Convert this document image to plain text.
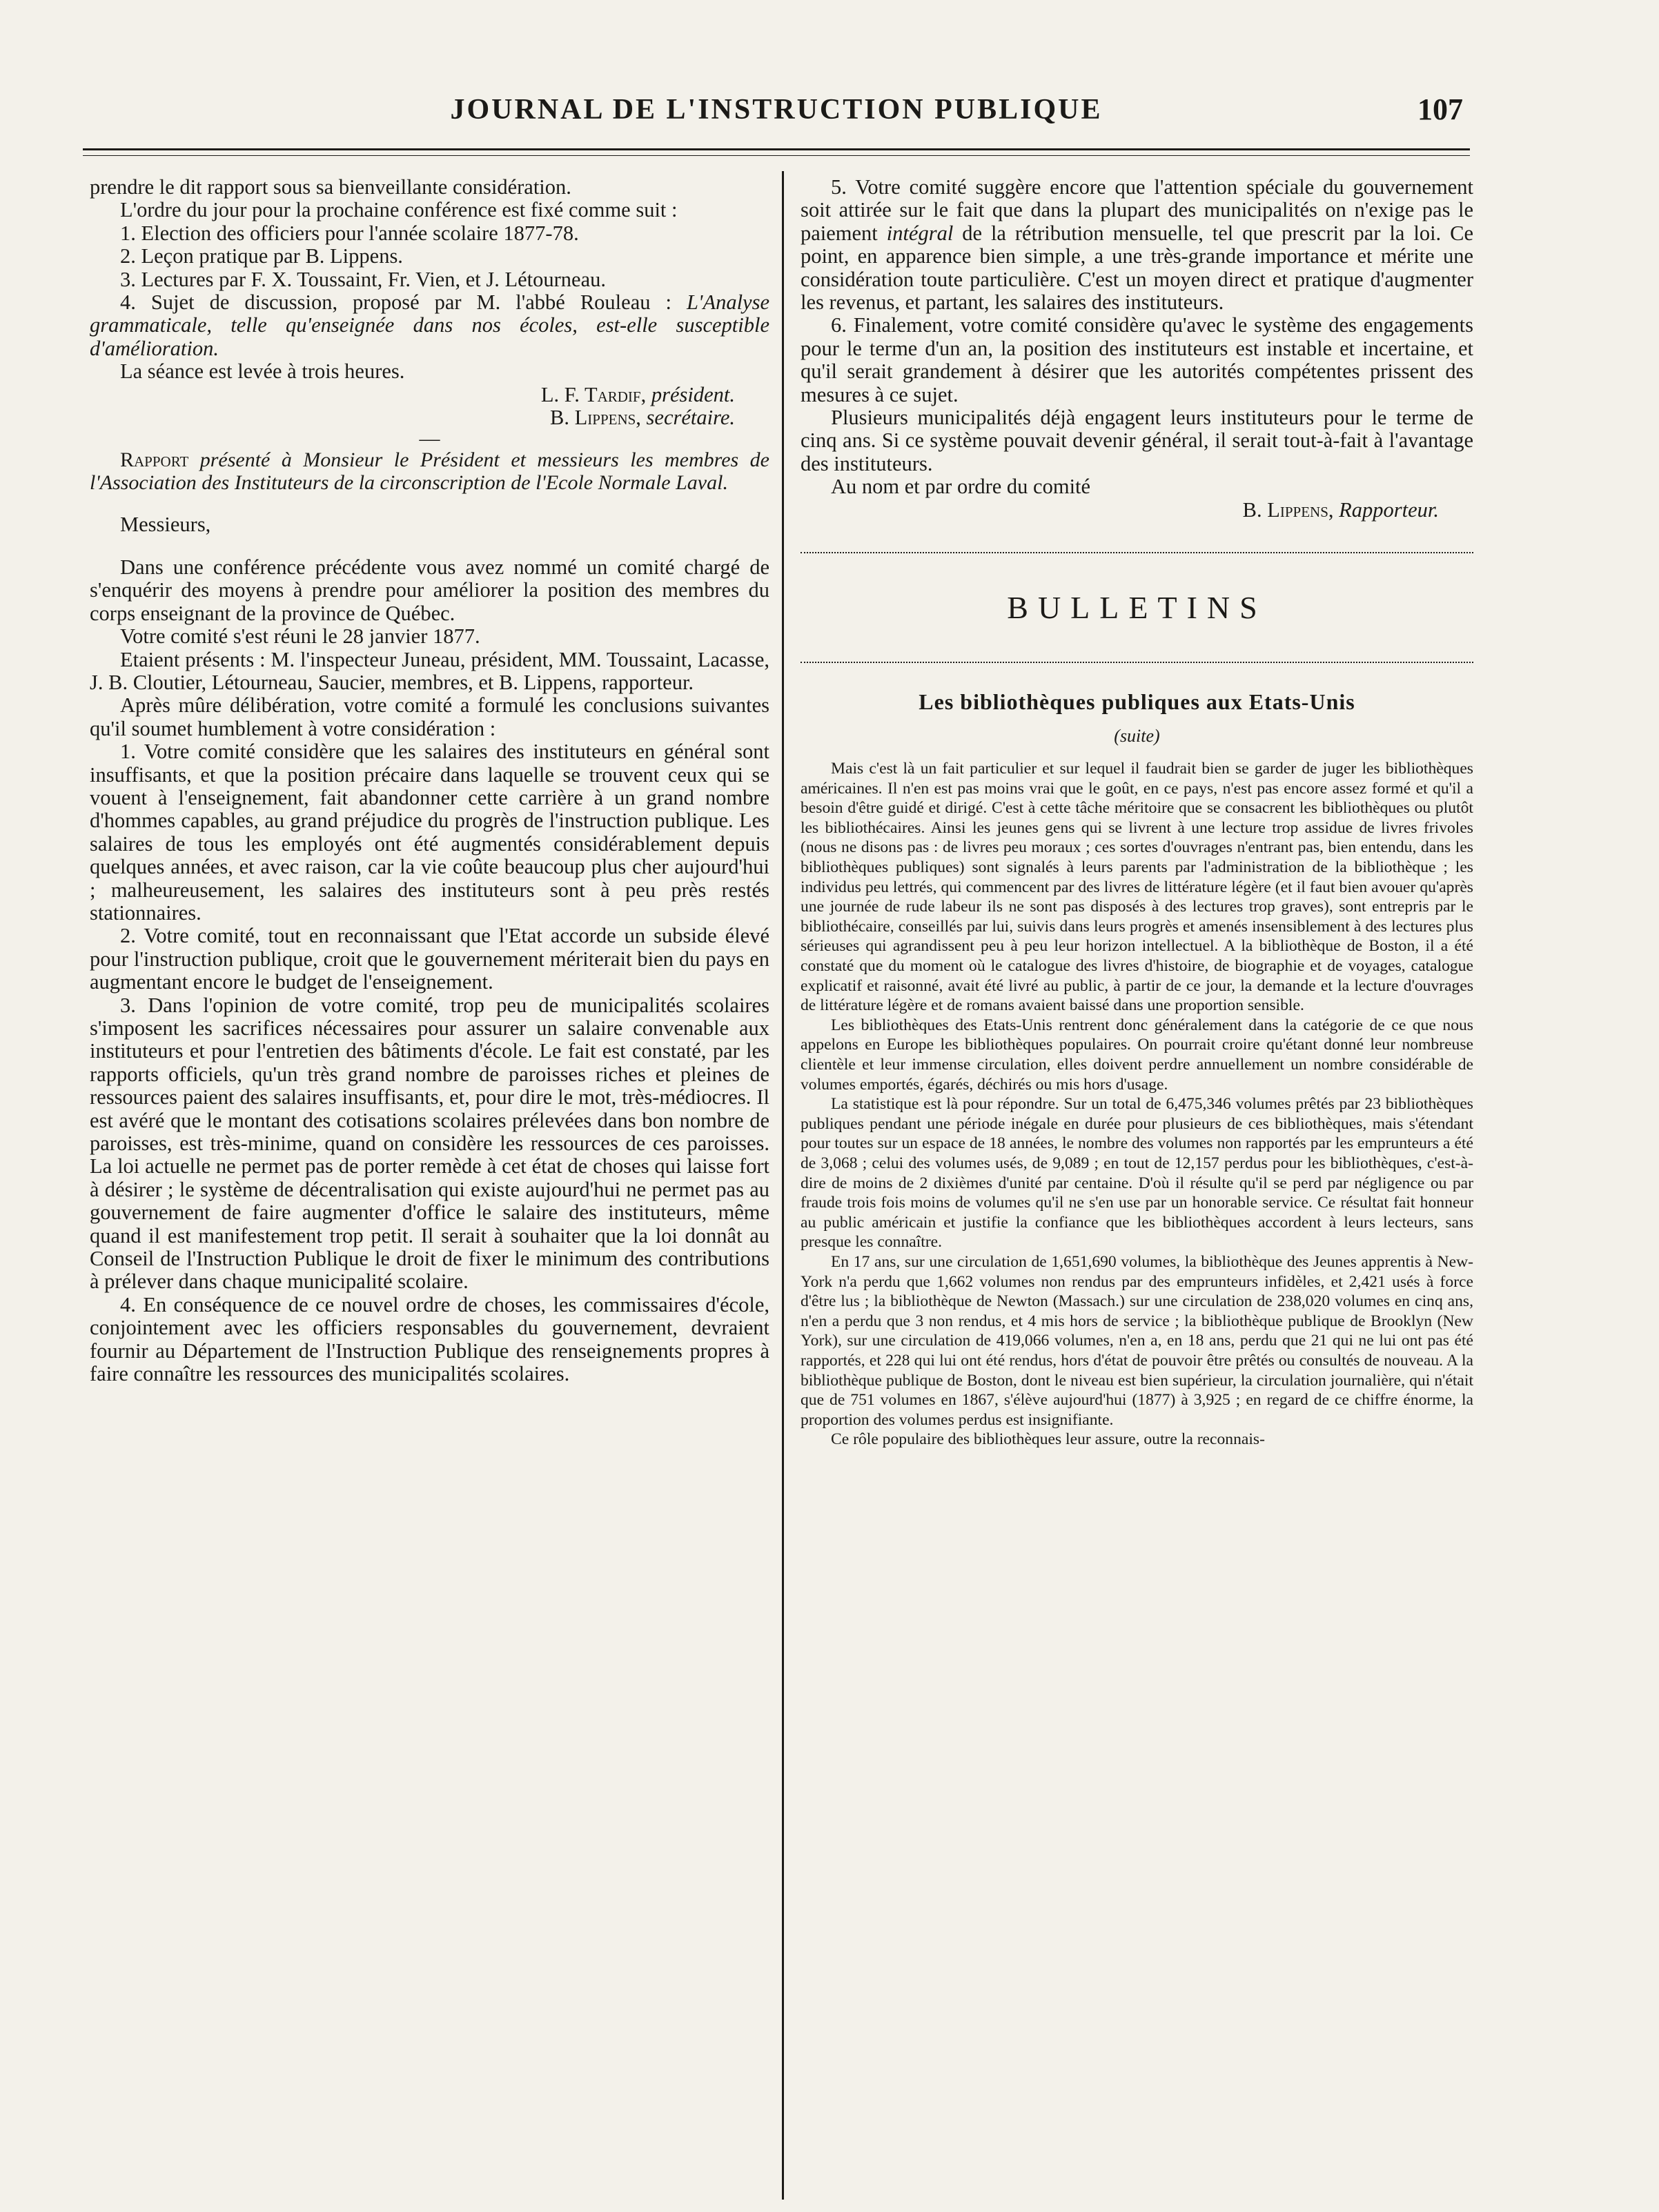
JOURNAL DE L'INSTRUCTION PUBLIQUE	107

prendre le dit rapport sous sa bienveillante considération.

L'ordre du jour pour la prochaine conférence est fixé comme suit :

1. Election des officiers pour l'année scolaire 1877-78.

2. Leçon pratique par B. Lippens.

3. Lectures par F. X. Toussaint, Fr. Vien, et J. Létourneau.

4. Sujet de discussion, proposé par M. l'abbé Rouleau : L'Analyse grammaticale, telle qu'enseignée dans nos écoles, est-elle susceptible d'amélioration.

La séance est levée à trois heures.

L. F. Tardif, président.

B. Lippens, secrétaire.

—

Rapport présenté à Monsieur le Président et messieurs les membres de l'Association des Instituteurs de la circonscription de l'Ecole Normale Laval.

Messieurs,

Dans une conférence précédente vous avez nommé un comité chargé de s'enquérir des moyens à prendre pour améliorer la position des membres du corps enseignant de la province de Québec.

Votre comité s'est réuni le 28 janvier 1877.

Etaient présents : M. l'inspecteur Juneau, président, MM. Toussaint, Lacasse, J. B. Cloutier, Létourneau, Saucier, membres, et B. Lippens, rapporteur.

Après mûre délibération, votre comité a formulé les conclusions suivantes qu'il soumet humblement à votre considération :

1. Votre comité considère que les salaires des instituteurs en général sont insuffisants, et que la position précaire dans laquelle se trouvent ceux qui se vouent à l'enseignement, fait abandonner cette carrière à un grand nombre d'hommes capables, au grand préjudice du progrès de l'instruction publique. Les salaires de tous les employés ont été augmentés considérablement depuis quelques années, et avec raison, car la vie coûte beaucoup plus cher aujourd'hui ; malheureusement, les salaires des instituteurs sont à peu près restés stationnaires.

2. Votre comité, tout en reconnaissant que l'Etat accorde un subside élevé pour l'instruction publique, croit que le gouvernement mériterait bien du pays en augmentant encore le budget de l'enseignement.

3. Dans l'opinion de votre comité, trop peu de municipalités scolaires s'imposent les sacrifices nécessaires pour assurer un salaire convenable aux instituteurs et pour l'entretien des bâtiments d'école. Le fait est constaté, par les rapports officiels, qu'un très grand nombre de paroisses riches et pleines de ressources paient des salaires insuffisants, et, pour dire le mot, très-médiocres. Il est avéré que le montant des cotisations scolaires prélevées dans bon nombre de paroisses, est très-minime, quand on considère les ressources de ces paroisses. La loi actuelle ne permet pas de porter remède à cet état de choses qui laisse fort à désirer ; le système de décentralisation qui existe aujourd'hui ne permet pas au gouvernement de faire augmenter d'office le salaire des instituteurs, même quand il est manifestement trop petit. Il serait à souhaiter que la loi donnât au Conseil de l'Instruction Publique le droit de fixer le minimum des contributions à prélever dans chaque municipalité scolaire.

4. En conséquence de ce nouvel ordre de choses, les commissaires d'école, conjointement avec les officiers responsables du gouvernement, devraient fournir au Département de l'Instruction Publique des renseignements propres à faire connaître les ressources des municipalités scolaires.

5. Votre comité suggère encore que l'attention spéciale du gouvernement soit attirée sur le fait que dans la plupart des municipalités on n'exige pas le paiement intégral de la rétribution mensuelle, tel que prescrit par la loi. Ce point, en apparence bien simple, a une très-grande importance et mérite une considération toute particulière. C'est un moyen direct et pratique d'augmenter les revenus, et partant, les salaires des instituteurs.

6. Finalement, votre comité considère qu'avec le système des engagements pour le terme d'un an, la position des instituteurs est instable et incertaine, et qu'il serait grandement à désirer que les autorités compétentes prissent des mesures à ce sujet.

Plusieurs municipalités déjà engagent leurs instituteurs pour le terme de cinq ans. Si ce système pouvait devenir général, il serait tout-à-fait à l'avantage des instituteurs.

Au nom et par ordre du comité

B. Lippens, Rapporteur.

BULLETINS
Les bibliothèques publiques aux Etats-Unis
(suite)

Mais c'est là un fait particulier et sur lequel il faudrait bien se garder de juger les bibliothèques américaines. Il n'en est pas moins vrai que le goût, en ce pays, n'est pas encore assez formé et qu'il a besoin d'être guidé et dirigé. C'est à cette tâche méritoire que se consacrent les bibliothèques ou plutôt les bibliothécaires. Ainsi les jeunes gens qui se livrent à une lecture trop assidue de livres frivoles (nous ne disons pas : de livres peu moraux ; ces sortes d'ouvrages n'entrant pas, bien entendu, dans les bibliothèques publiques) sont signalés à leurs parents par l'administration de la bibliothèque ; les individus peu lettrés, qui commencent par des livres de littérature légère (et il faut bien avouer qu'après une journée de rude labeur ils ne sont pas disposés à des lectures trop graves), sont entrepris par le bibliothécaire, conseillés par lui, suivis dans leurs progrès et amenés insensiblement à des lectures plus sérieuses qui agrandissent peu à peu leur horizon intellectuel. A la bibliothèque de Boston, il a été constaté que du moment où le catalogue des livres d'histoire, de biographie et de voyages, catalogue explicatif et raisonné, avait été livré au public, à partir de ce jour, la demande et la lecture d'ouvrages de littérature légère et de romans avaient baissé dans une proportion sensible.

Les bibliothèques des Etats-Unis rentrent donc généralement dans la catégorie de ce que nous appelons en Europe les bibliothèques populaires. On pourrait croire qu'étant donné leur nombreuse clientèle et leur immense circulation, elles doivent perdre annuellement un nombre considérable de volumes emportés, égarés, déchirés ou mis hors d'usage.

La statistique est là pour répondre. Sur un total de 6,475,346 volumes prêtés par 23 bibliothèques publiques pendant une période inégale en durée pour plusieurs de ces bibliothèques, mais s'étendant pour toutes sur un espace de 18 années, le nombre des volumes non rapportés par les emprunteurs a été de 3,068 ; celui des volumes usés, de 9,089 ; en tout de 12,157 perdus pour les bibliothèques, c'est-à-dire de moins de 2 dixièmes d'unité par centaine. D'où il résulte qu'il se perd par négligence ou par fraude trois fois moins de volumes qu'il ne s'en use par un honorable service. Ce résultat fait honneur au public américain et justifie la confiance que les bibliothèques accordent à leurs lecteurs, sans presque les connaître.

En 17 ans, sur une circulation de 1,651,690 volumes, la bibliothèque des Jeunes apprentis à New-York n'a perdu que 1,662 volumes non rendus par des emprunteurs infidèles, et 2,421 usés à force d'être lus ; la bibliothèque de Newton (Massach.) sur une circulation de 238,020 volumes en cinq ans, n'en a perdu que 3 non rendus, et 4 mis hors de service ; la bibliothèque publique de Brooklyn (New York), sur une circulation de 419,066 volumes, n'en a, en 18 ans, perdu que 21 qui ne lui ont pas été rapportés, et 228 qui lui ont été rendus, hors d'état de pouvoir être prêtés ou consultés de nouveau. A la bibliothèque publique de Boston, dont le niveau est bien supérieur, la circulation journalière, qui n'était que de 751 volumes en 1867, s'élève aujourd'hui (1877) à 3,925 ; en regard de ce chiffre énorme, la proportion des volumes perdus est insignifiante.

Ce rôle populaire des bibliothèques leur assure, outre la reconnais-
